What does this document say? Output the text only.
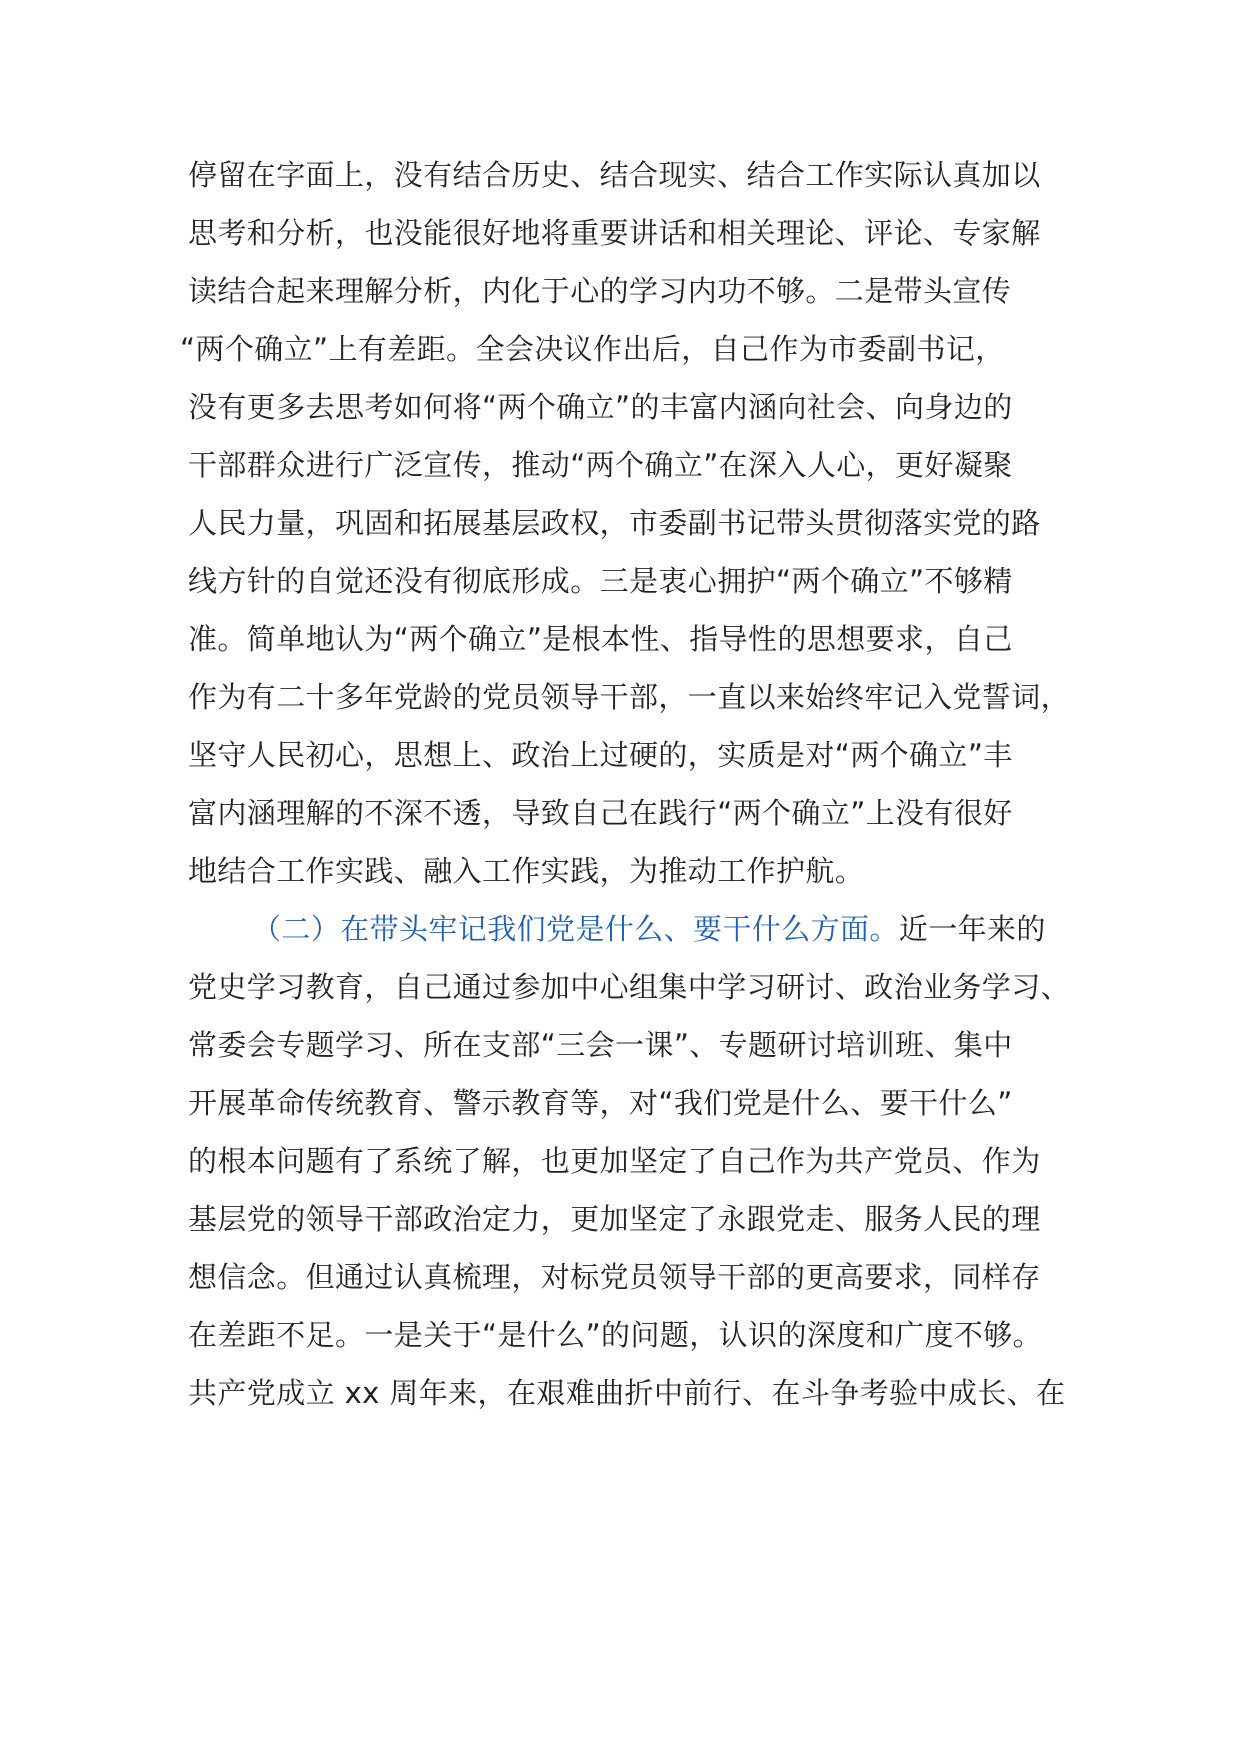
停留在字面上，没有结合历史、结合现实、结合工作实际认真加以
思考和分析，也没能很好地将重要讲话和相关理论、评论、专家解
读结合起来理解分析，内化于心的学习内功不够。二是带头宣传
“两个确立”上有差距。全会决议作出后，自己作为市委副书记，
没有更多去思考如何将“两个确立”的丰富内涵向社会、向身边的
干部群众进行广泛宣传，推动“两个确立”在深入人心，更好凝聚
人民力量，巩固和拓展基层政权，市委副书记带头贯彻落实党的路
线方针的自觉还没有彻底形成。三是衷心拥护“两个确立”不够精
准。简单地认为“两个确立”是根本性、指导性的思想要求，自己
作为有二十多年党龄的党员领导干部，一直以来始终牢记入党誓词，
坚守人民初心，思想上、政治上过硬的，实质是对“两个确立”丰
富内涵理解的不深不透，导致自己在践行“两个确立”上没有很好
地结合工作实践、融入工作实践，为推动工作护航。
（二）在带头牢记我们党是什么、要干什么方面。近一年来的
党史学习教育，自己通过参加中心组集中学习研讨、政治业务学习、
常委会专题学习、所在支部“三会一课”、专题研讨培训班、集中
开展革命传统教育、警示教育等，对“我们党是什么、要干什么”
的根本问题有了系统了解，也更加坚定了自己作为共产党员、作为
基层党的领导干部政治定力，更加坚定了永跟党走、服务人民的理
想信念。但通过认真梳理，对标党员领导干部的更高要求，同样存
在差距不足。一是关于“是什么”的问题，认识的深度和广度不够。
共产党成立 xx 周年来，在艰难曲折中前行、在斗争考验中成长、在
